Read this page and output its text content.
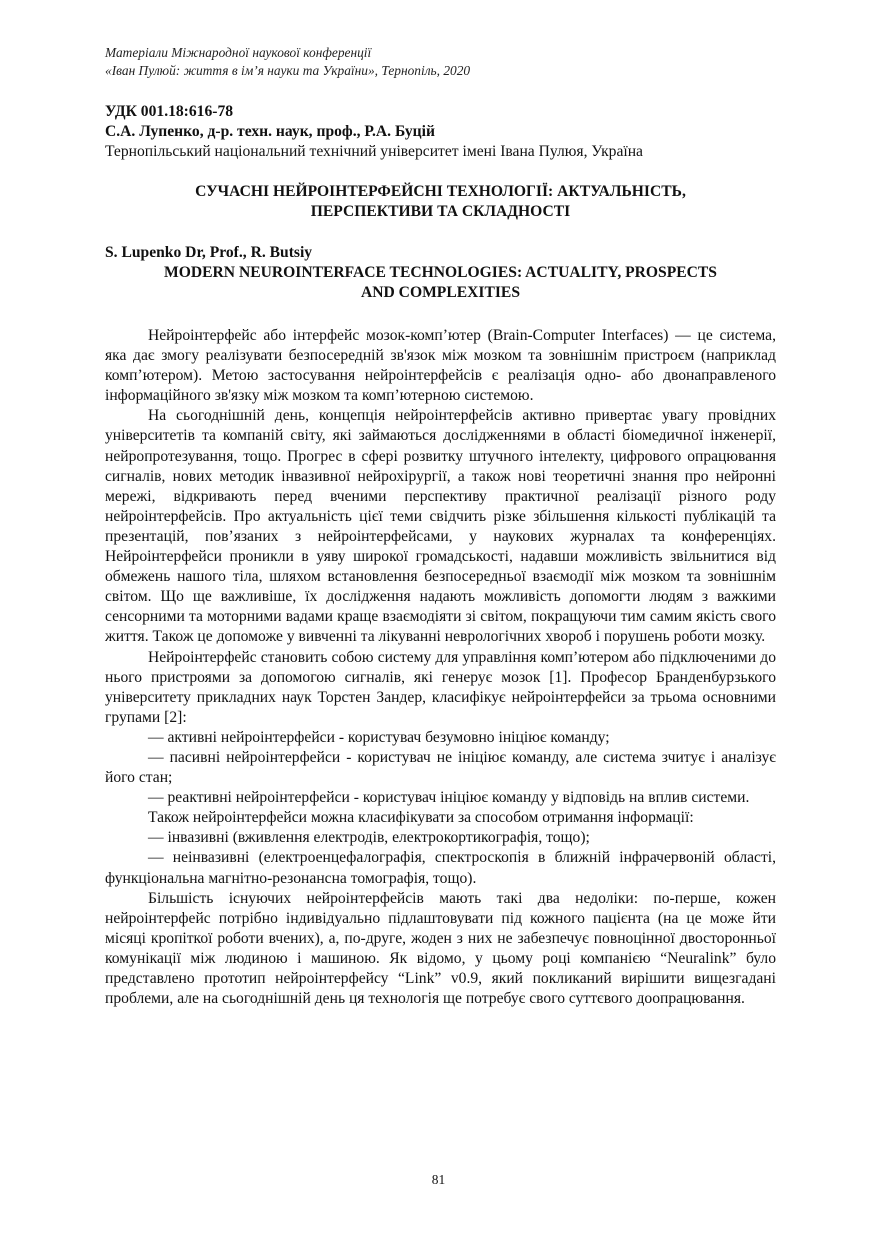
Матеріали Міжнародної наукової конференції
«Іван Пулюй: життя в ім’я науки та України», Тернопіль, 2020
УДК 001.18:616-78
С.А. Лупенко, д-р. техн. наук, проф., Р.А. Буцій
Тернопільський національний технічний університет імені Івана Пулюя, Україна
СУЧАСНІ НЕЙРОІНТЕРФЕЙСНІ ТЕХНОЛОГІЇ: АКТУАЛЬНІСТЬ,
ПЕРСПЕКТИВИ ТА СКЛАДНОСТІ
S. Lupenko Dr, Prof., R. Butsiy
MODERN NEUROINTERFACE TECHNOLOGIES: ACTUALITY, PROSPECTS
AND COMPLEXITIES

Нейроінтерфейс або інтерфейс мозок-комп’ютер (Brain-Computer Interfaces) — це система, яка дає змогу реалізувати безпосередній зв'язок між мозком та зовнішнім пристроєм (наприклад комп’ютером). Метою застосування нейроінтерфейсів є реалізація одно- або двонаправленого інформаційного зв'язку між мозком та комп’ютерною системою.

На сьогоднішній день, концепція нейроінтерфейсів активно привертає увагу провідних університетів та компаній світу, які займаються дослідженнями в області біомедичної інженерії, нейропротезування, тощо. Прогрес в сфері розвитку штучного інтелекту, цифрового опрацювання сигналів, нових методик інвазивної нейрохірургії, а також нові теоретичні знання про нейронні мережі, відкривають перед вченими перспективу практичної реалізації різного роду нейроінтерфейсів. Про актуальність цієї теми свідчить різке збільшення кількості публікацій та презентацій, пов’язаних з нейроінтерфейсами, у наукових журналах та конференціях. Нейроінтерфейси проникли в уяву широкої громадськості, надавши можливість звільнитися від обмежень нашого тіла, шляхом встановлення безпосередньої взаємодії між мозком та зовнішнім світом. Що ще важливіше, їх дослідження надають можливість допомогти людям з важкими сенсорними та моторними вадами краще взаємодіяти зі світом, покращуючи тим самим якість свого життя. Також це допоможе у вивченні та лікуванні неврологічних хвороб і порушень роботи мозку.

Нейроінтерфейс становить собою систему для управління комп’ютером або підключеними до нього пристроями за допомогою сигналів, які генерує мозок [1]. Професор Бранденбурзького університету прикладних наук Торстен Зандер, класифікує нейроінтерфейси за трьома основними групами [2]:

— активні нейроінтерфейси - користувач безумовно ініціює команду;

— пасивні нейроінтерфейси - користувач не ініціює команду, але система зчитує і аналізує його стан;

— реактивні нейроінтерфейси - користувач ініціює команду у відповідь на вплив системи.

Також нейроінтерфейси можна класифікувати за способом отримання інформації:

— інвазивні (вживлення електродів, електрокортикографія, тощо);

— неінвазивні (електроенцефалографія, спектроскопія в ближній інфрачервоній області, функціональна магнітно-резонансна томографія, тощо).

Більшість існуючих нейроінтерфейсів мають такі два недоліки: по-перше, кожен нейроінтерфейс потрібно індивідуально підлаштовувати під кожного пацієнта (на це може йти місяці кропіткої роботи вчених), а, по-друге, жоден з них не забезпечує повноцінної двосторонньої комунікації між людиною і машиною. Як відомо, у цьому році компанією “Neuralink” було представлено прототип нейроінтерфейсу “Link” v0.9, який покликаний вирішити вищезгадані проблеми, але на сьогоднішній день ця технологія ще потребує свого суттєвого доопрацювання.

81
